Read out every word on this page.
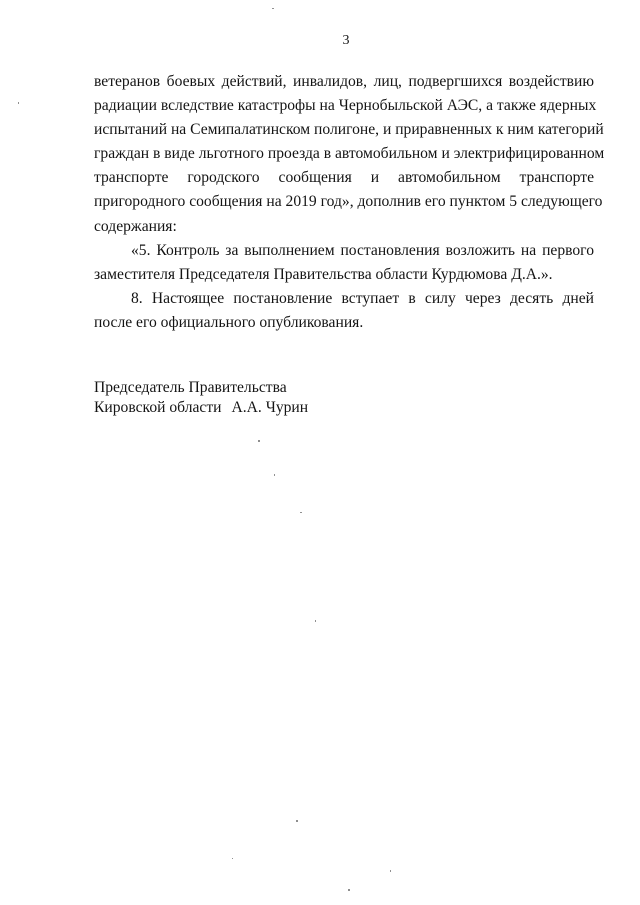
3
ветеранов боевых действий, инвалидов, лиц, подвергшихся воздействию
радиации вследствие катастрофы на Чернобыльской АЭС, а также ядерных
испытаний на Семипалатинском полигоне, и приравненных к ним категорий
граждан в виде льготного проезда в автомобильном и электрифицированном
транспорте городского сообщения и автомобильном транспорте
пригородного сообщения на 2019 год», дополнив его пунктом 5 следующего
содержания:
«5. Контроль за выполнением постановления возложить на первого
заместителя Председателя Правительства области Курдюмова Д.А.».
8. Настоящее постановление вступает в силу через десять дней
после его официального опубликования.
Председатель Правительства
Кировской области А.А. Чурин
